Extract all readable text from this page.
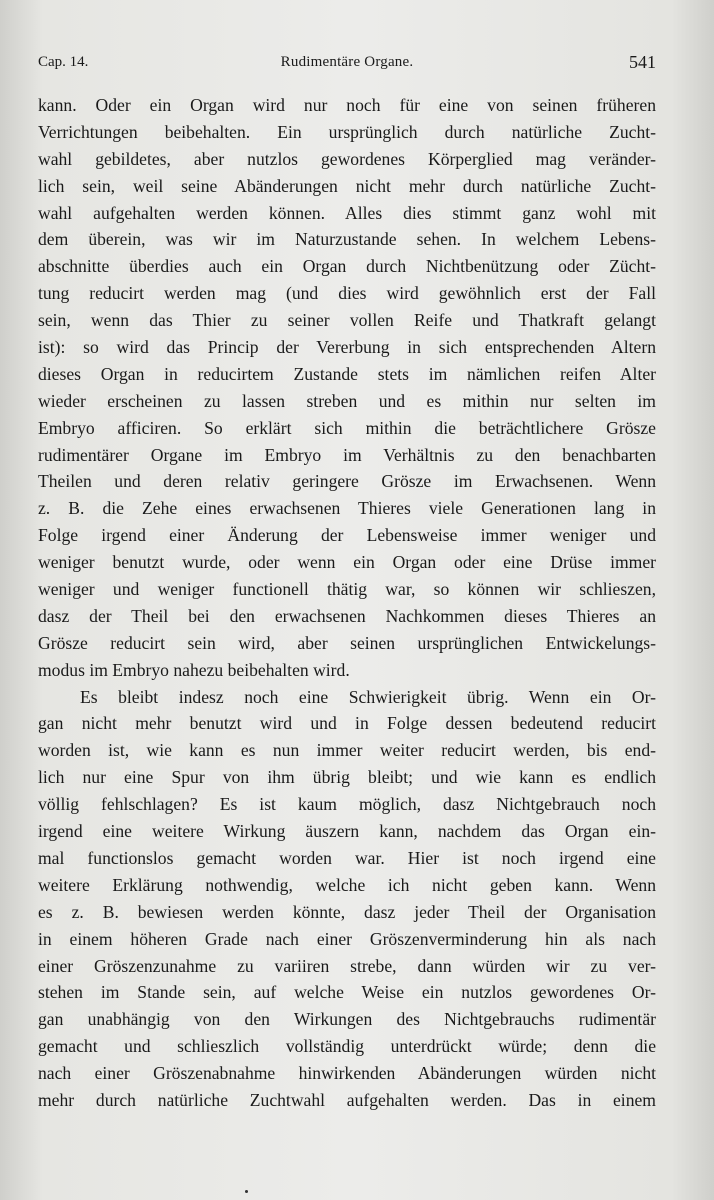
Cap. 14.	Rudimentäre Organe.	541
kann. Oder ein Organ wird nur noch für eine von seinen früheren
Verrichtungen beibehalten. Ein ursprünglich durch natürliche Zucht-
wahl gebildetes, aber nutzlos gewordenes Körperglied mag veränder-
lich sein, weil seine Abänderungen nicht mehr durch natürliche Zucht-
wahl aufgehalten werden können. Alles dies stimmt ganz wohl mit
dem überein, was wir im Naturzustande sehen. In welchem Lebens-
abschnitte überdies auch ein Organ durch Nichtbenützung oder Zücht-
tung reducirt werden mag (und dies wird gewöhnlich erst der Fall
sein, wenn das Thier zu seiner vollen Reife und Thatkraft gelangt
ist): so wird das Princip der Vererbung in sich entsprechenden Altern
dieses Organ in reducirtem Zustande stets im nämlichen reifen Alter
wieder erscheinen zu lassen streben und es mithin nur selten im
Embryo afficiren. So erklärt sich mithin die beträchtlichere Grösze
rudimentärer Organe im Embryo im Verhältnis zu den benachbarten
Theilen und deren relativ geringere Grösze im Erwachsenen. Wenn
z. B. die Zehe eines erwachsenen Thieres viele Generationen lang in
Folge irgend einer Änderung der Lebensweise immer weniger und
weniger benutzt wurde, oder wenn ein Organ oder eine Drüse immer
weniger und weniger functionell thätig war, so können wir schlieszen,
dasz der Theil bei den erwachsenen Nachkommen dieses Thieres an
Grösze reducirt sein wird, aber seinen ursprünglichen Entwickelungs-
modus im Embryo nahezu beibehalten wird.
Es bleibt indesz noch eine Schwierigkeit übrig. Wenn ein Or-
gan nicht mehr benutzt wird und in Folge dessen bedeutend reducirt
worden ist, wie kann es nun immer weiter reducirt werden, bis end-
lich nur eine Spur von ihm übrig bleibt; und wie kann es endlich
völlig fehlschlagen? Es ist kaum möglich, dasz Nichtgebrauch noch
irgend eine weitere Wirkung äuszern kann, nachdem das Organ ein-
mal functionslos gemacht worden war. Hier ist noch irgend eine
weitere Erklärung nothwendig, welche ich nicht geben kann. Wenn
es z. B. bewiesen werden könnte, dasz jeder Theil der Organisation
in einem höheren Grade nach einer Gröszenverminderung hin als nach
einer Gröszenzunahme zu variiren strebe, dann würden wir zu ver-
stehen im Stande sein, auf welche Weise ein nutzlos gewordenes Or-
gan unabhängig von den Wirkungen des Nichtgebrauchs rudimentär
gemacht und schlieszlich vollständig unterdrückt würde; denn die
nach einer Gröszenabnahme hinwirkenden Abänderungen würden nicht
mehr durch natürliche Zuchtwahl aufgehalten werden. Das in einem
